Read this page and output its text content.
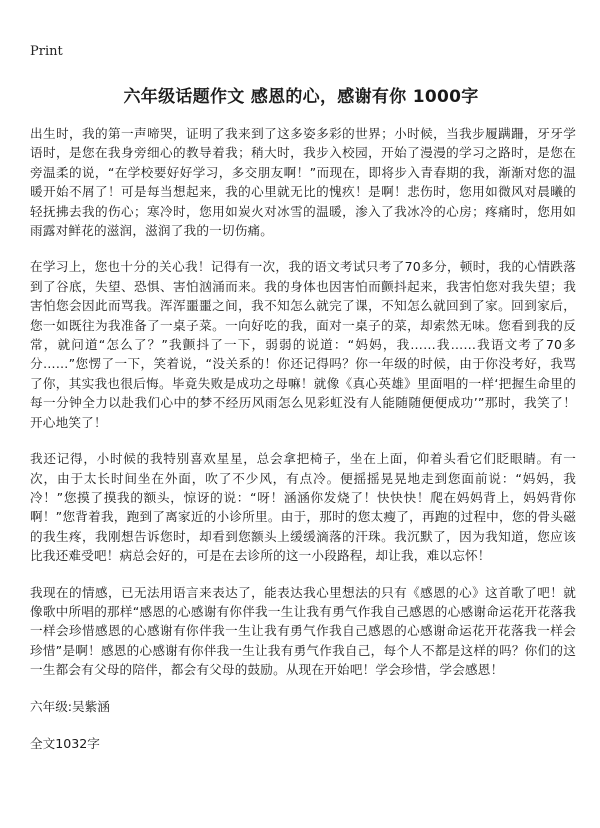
Print
六年级话题作文 感恩的心，感谢有你 1000字

出生时，我的第一声啼哭，证明了我来到了这多姿多彩的世界；小时候，当我步履蹒跚，牙牙学语时，是您在我身旁细心的教导着我；稍大时，我步入校园，开始了漫漫的学习之路时，是您在旁温柔的说，“在学校要好好学习，多交朋友啊！”而现在，即将步入青春期的我，渐渐对您的温暖开始不屑了！可是每当想起来，我的心里就无比的愧疚！是啊！悲伤时，您用如微风对晨曦的轻抚拂去我的伤心；寒冷时，您用如炭火对冰雪的温暖，渗入了我冰冷的心房；疼痛时，您用如雨露对鲜花的滋润，滋润了我的一切伤痛。

在学习上，您也十分的关心我！记得有一次，我的语文考试只考了70多分，顿时，我的心情跌落到了谷底，失望、恐惧、害怕汹涌而来。我的身体也因害怕而颤抖起来，我害怕您对我失望；我害怕您会因此而骂我。浑浑噩噩之间，我不知怎么就完了课，不知怎么就回到了家。回到家后，您一如既往为我准备了一桌子菜。一向好吃的我，面对一桌子的菜，却索然无味。您看到我的反常，就问道“怎么了？”我颤抖了一下，弱弱的说道：“妈妈，我……我……我语文考了70多分……”您愣了一下，笑着说，“没关系的！你还记得吗？你一年级的时候，由于你没考好，我骂了你，其实我也很后悔。毕竟失败是成功之母嘛！就像《真心英雄》里面唱的一样‘把握生命里的每一分钟全力以赴我们心中的梦不经历风雨怎么见彩虹没有人能随随便便成功’”那时，我笑了！开心地笑了！

我还记得，小时候的我特别喜欢星星，总会拿把椅子，坐在上面，仰着头看它们眨眼睛。有一次，由于太长时间坐在外面，吹了不少风，有点冷。便摇摇晃晃地走到您面前说：“妈妈，我冷！”您摸了摸我的额头，惊讶的说：“呀！涵涵你发烧了！快快快！爬在妈妈背上，妈妈背你啊！”您背着我，跑到了离家近的小诊所里。由于，那时的您太瘦了，再跑的过程中，您的骨头磁的我生疼，我刚想告诉您时，却看到您额头上缓缓滴落的汗珠。我沉默了，因为我知道，您应该比我还难受吧！病总会好的，可是在去诊所的这一小段路程，却让我，难以忘怀！

我现在的情感，已无法用语言来表达了，能表达我心里想法的只有《感恩的心》这首歌了吧！就像歌中所唱的那样“感恩的心感谢有你伴我一生让我有勇气作我自己感恩的心感谢命运花开花落我一样会珍惜感恩的心感谢有你伴我一生让我有勇气作我自己感恩的心感谢命运花开花落我一样会珍惜”是啊！感恩的心感谢有你伴我一生让我有勇气作我自己，每个人不都是这样的吗？你们的这一生都会有父母的陪伴，都会有父母的鼓励。从现在开始吧！学会珍惜，学会感恩！

六年级:吴紫涵

全文1032字
